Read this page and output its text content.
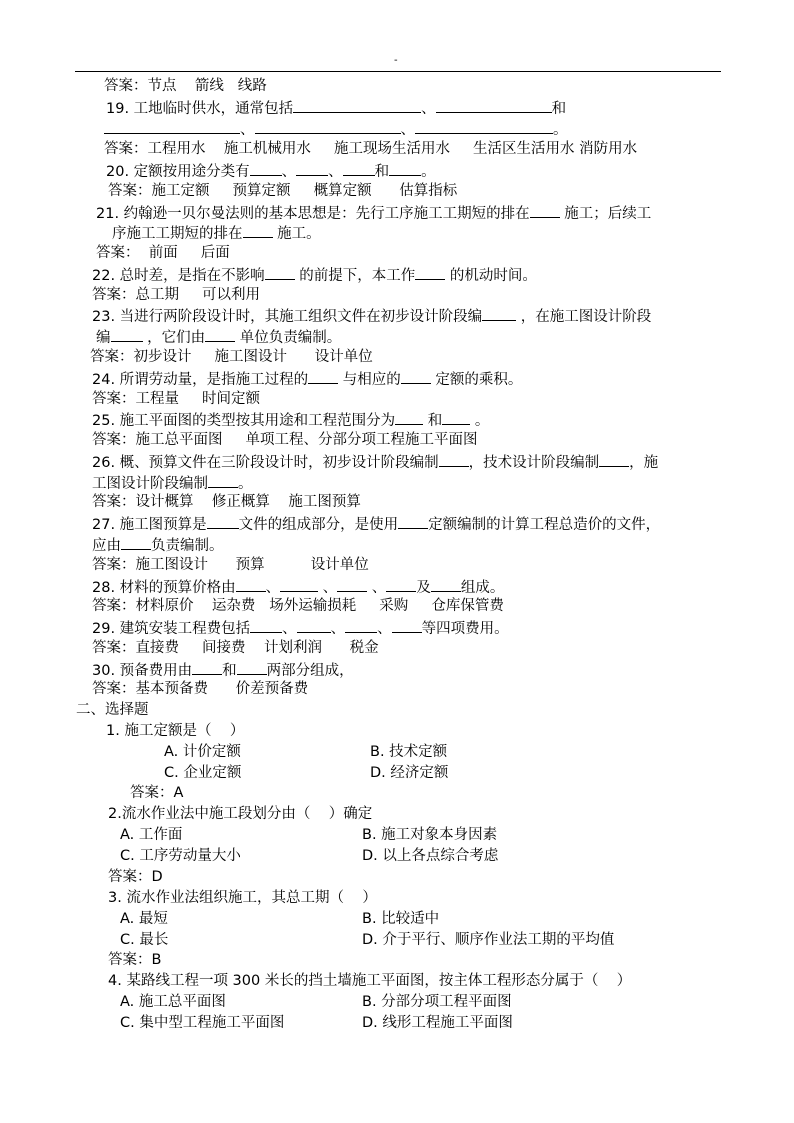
-
答案：节点    箭线   线路
19. 工地临时供水，通常包括	、	和
、	、	。
答案：工程用水    施工机械用水     施工现场生活用水     生活区生活用水 消防用水
20. 定额按用途分类有 、 、 和 。
答案：施工定额     预算定额     概算定额      估算指标
21. 约翰逊一贝尔曼法则的基本思想是：先行工序施工工期短的排在 施工；后续工
序施工工期短的排在 施工。
答案：  前面     后面
22. 总时差，是指在不影响 的前提下，本工作 的机动时间。
答案：总工期     可以利用
23. 当进行两阶段设计时，其施工组织文件在初步设计阶段编 ，在施工图设计阶段
编 ，它们由 单位负责编制。
答案：初步设计     施工图设计      设计单位
24. 所谓劳动量，是指施工过程的 与相应的 定额的乘积。
答案：工程量     时间定额
25. 施工平面图的类型按其用途和工程范围分为 和 。
答案：施工总平面图     单项工程、分部分项工程施工平面图
26. 概、预算文件在三阶段设计时，初步设计阶段编制 ，技术设计阶段编制 ，施
工图设计阶段编制 。
答案：设计概算    修正概算    施工图预算
27. 施工图预算是 文件的组成部分，是使用 定额编制的计算工程总造价的文件，
应由 负责编制。
答案：施工图设计      预算          设计单位
28. 材料的预算价格由 、	、 、 及 组成。
答案：材料原价    运杂费   场外运输损耗     采购     仓库保管费
29. 建筑安装工程费包括 、 、 、 等四项费用。
答案：直接费     间接费    计划利润      税金
30. 预备费用由 和 两部分组成，
答案：基本预备费      价差预备费
二、选择题
1. 施工定额是（    ）
A. 计价定额	B. 技术定额
C. 企业定额	D. 经济定额
答案：A
2.流水作业法中施工段划分由（    ）确定
A. 工作面	B. 施工对象本身因素
C. 工序劳动量大小	D. 以上各点综合考虑
答案：D
3. 流水作业法组织施工，其总工期（    ）
A. 最短	B. 比较适中
C. 最长	D. 介于平行、顺序作业法工期的平均值
答案：B
4. 某路线工程一项 300 米长的挡土墙施工平面图，按主体工程形态分属于（    ）
A. 施工总平面图	B. 分部分项工程平面图
C. 集中型工程施工平面图	D. 线形工程施工平面图
